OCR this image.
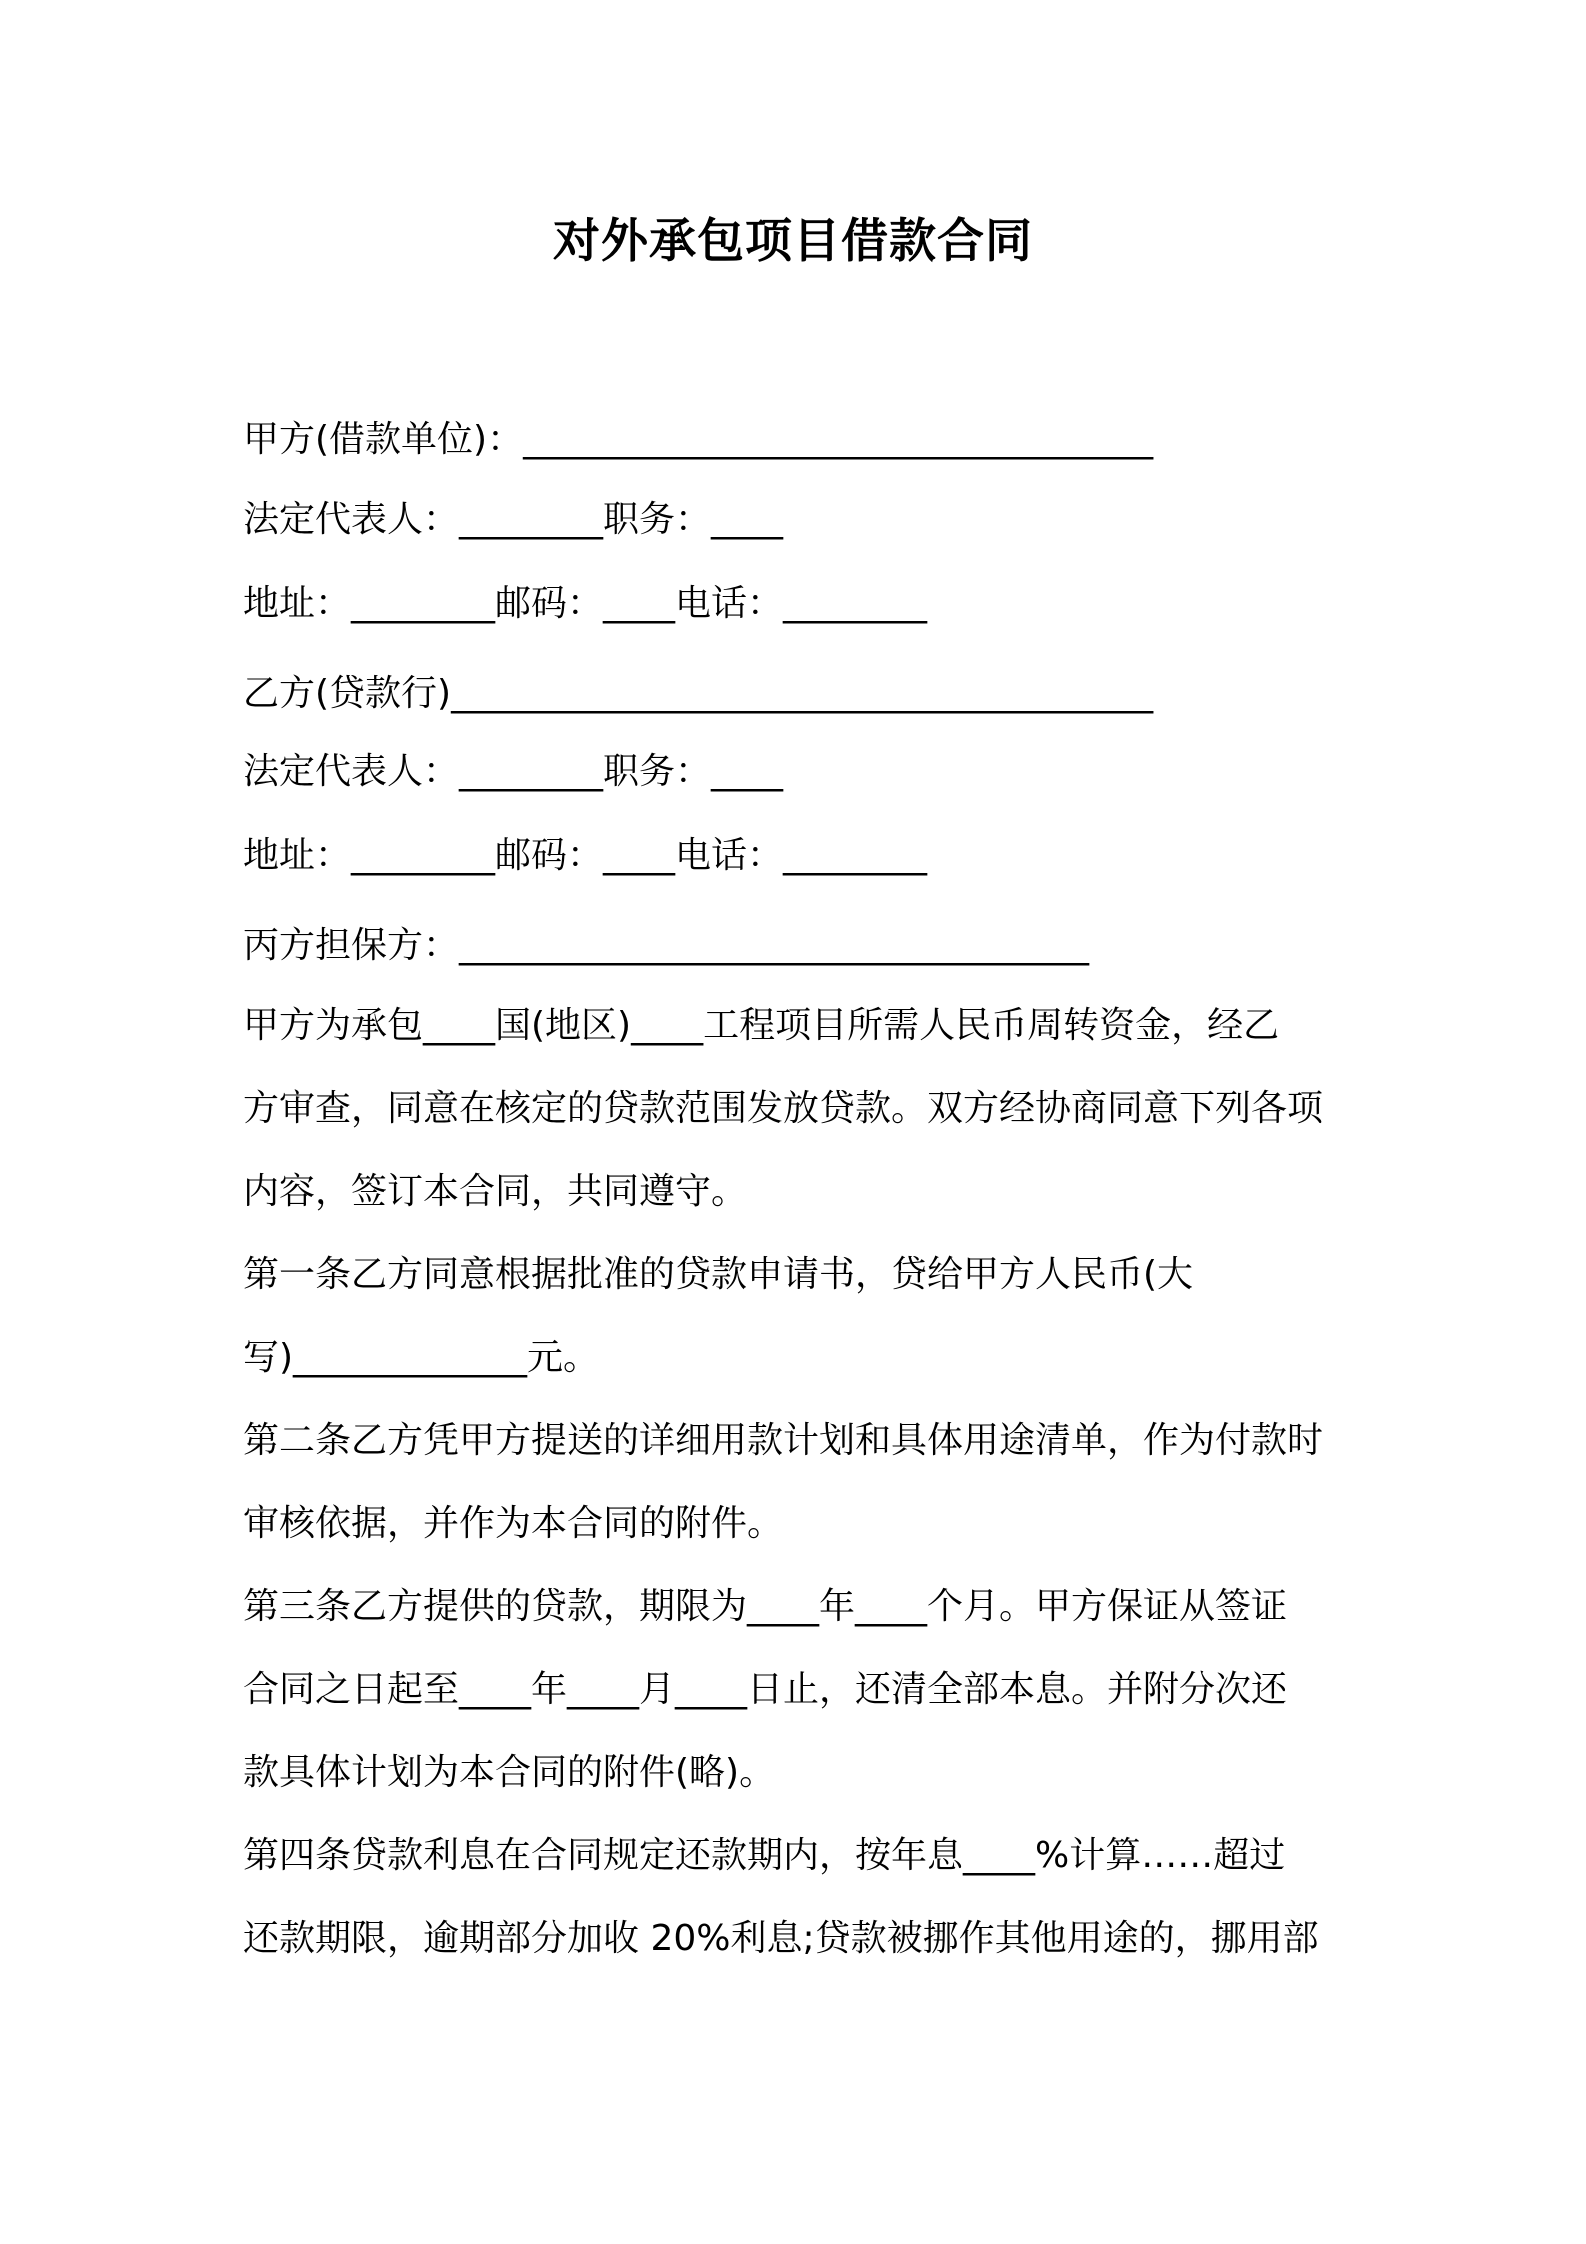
对外承包项目借款合同
甲方(借款单位)：___________________________________
法定代表人：________职务：____
地址：________邮码：____电话：________
乙方(贷款行)_______________________________________
法定代表人：________职务：____
地址：________邮码：____电话：________
丙方担保方：___________________________________
甲方为承包____国(地区)____工程项目所需人民币周转资金，经乙
方审查，同意在核定的贷款范围发放贷款。双方经协商同意下列各项
内容，签订本合同，共同遵守。
第一条乙方同意根据批准的贷款申请书，贷给甲方人民币(大
写)_____________元。
第二条乙方凭甲方提送的详细用款计划和具体用途清单，作为付款时
审核依据，并作为本合同的附件。
第三条乙方提供的贷款，期限为____年____个月。甲方保证从签证
合同之日起至____年____月____日止，还清全部本息。并附分次还
款具体计划为本合同的附件(略)。
第四条贷款利息在合同规定还款期内，按年息____%计算……超过
还款期限，逾期部分加收 20%利息;贷款被挪作其他用途的，挪用部
